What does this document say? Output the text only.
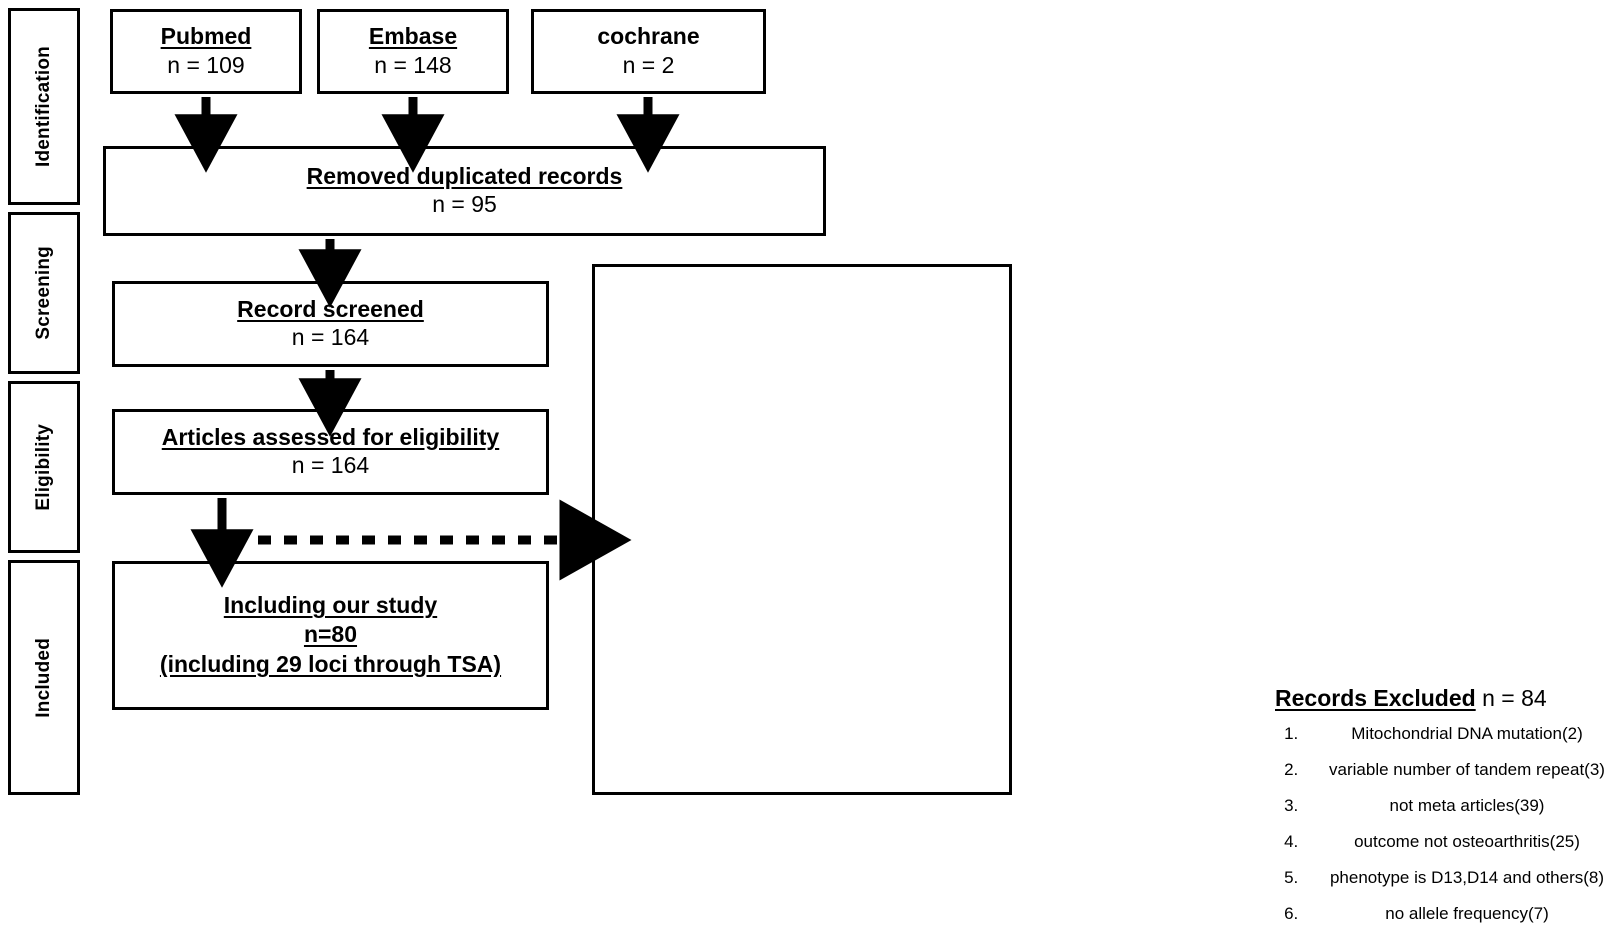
Identification
Screening
Eligibility
Included
Pubmed
n = 109
Embase
n = 148
cochrane
n = 2
Removed duplicated records
n = 95
Record screened
n = 164
Articles assessed for eligibility
n = 164
Including our study
n=80
(including 29 loci through TSA)
Records Excluded n = 84
1. Mitochondrial DNA mutation(2)
2. variable number of tandem repeat(3)
3. not meta articles(39)
4. outcome not osteoarthritis(25)
5. phenotype is D13,D14 and others(8)
6. no allele frequency(7)
